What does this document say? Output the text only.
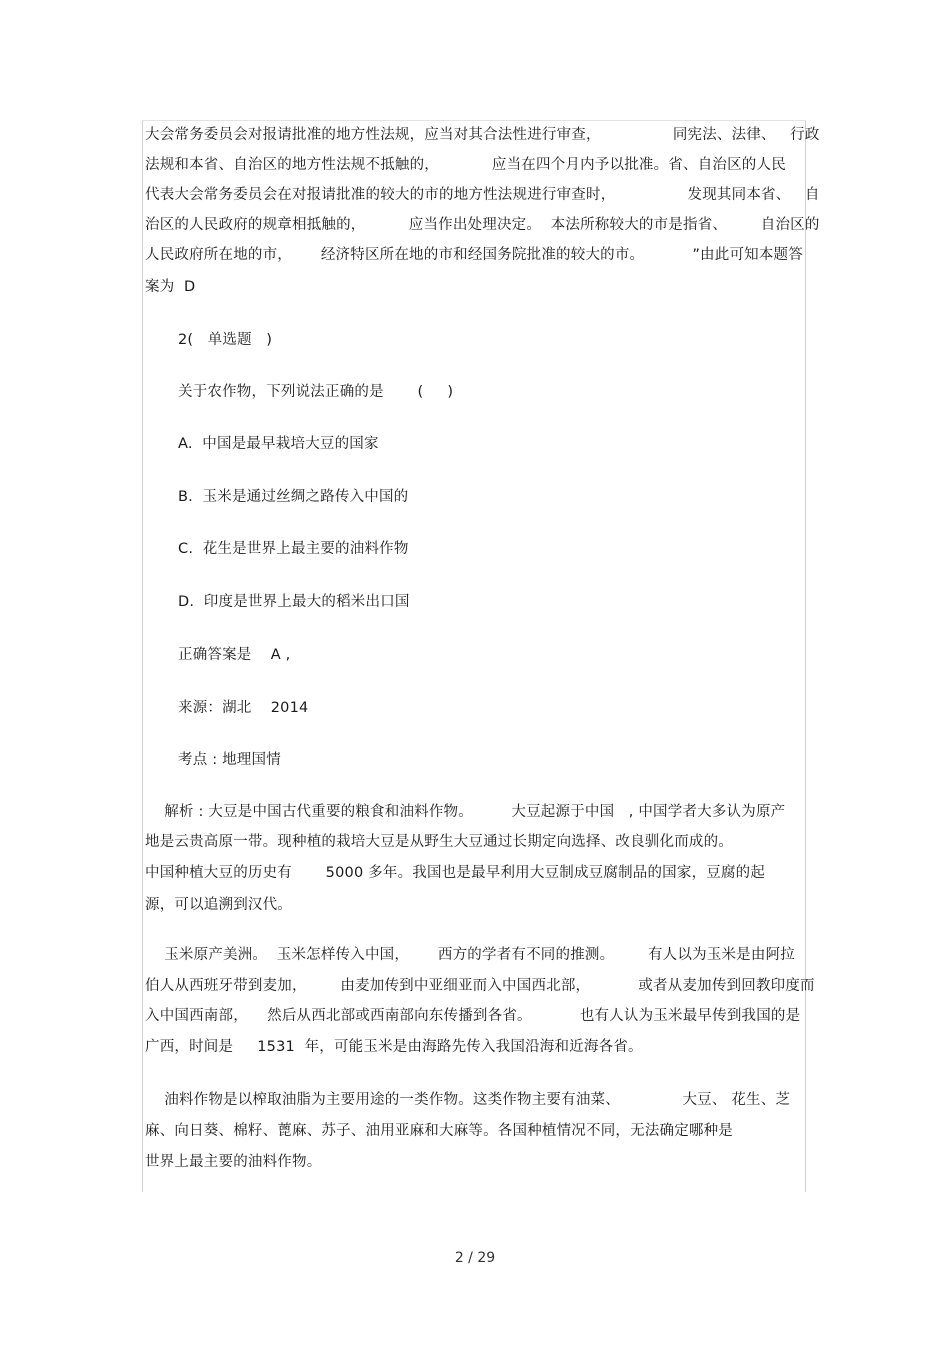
大会常务委员会对报请批准的地方性法规，应当对其合法性进行审查，               同宪法、法律、   行政
法规和本省、自治区的地方性法规不抵触的，           应当在四个月内予以批准。省、自治区的人民
代表大会常务委员会在对报请批准的较大的市的地方性法规进行审查时，               发现其同本省、   自
治区的人民政府的规章相抵触的，         应当作出处理决定。  本法所称较大的市是指省、       自治区的
人民政府所在地的市，      经济特区所在地的市和经国务院批准的较大的市。          ”由此可知本题答
案为  D
2(   单选题   )
关于农作物，下列说法正确的是       (     )
A.  中国是最早栽培大豆的国家
B.  玉米是通过丝绸之路传入中国的
C.  花生是世界上最主要的油料作物
D.  印度是世界上最大的稻米出口国
正确答案是    A ,
来源：湖北    2014
考点 : 地理国情
解析 : 大豆是中国古代重要的粮食和油料作物。        大豆起源于中国   , 中国学者大多认为原产
地是云贵高原一带。现种植的栽培大豆是从野生大豆通过长期定向选择、改良驯化而成的。
中国种植大豆的历史有       5000 多年。我国也是最早利用大豆制成豆腐制品的国家，豆腐的起
源，可以追溯到汉代。
玉米原产美洲。  玉米怎样传入中国，      西方的学者有不同的推测。       有人以为玉米是由阿拉
伯人从西班牙带到麦加，       由麦加传到中亚细亚而入中国西北部，          或者从麦加传到回教印度而
入中国西南部，    然后从西北部或西南部向东传播到各省。          也有人认为玉米最早传到我国的是
广西，时间是     1531  年，可能玉米是由海路先传入我国沿海和近海各省。
油料作物是以榨取油脂为主要用途的一类作物。这类作物主要有油菜、             大豆、 花生、芝
麻、向日葵、棉籽、蓖麻、苏子、油用亚麻和大麻等。各国种植情况不同，无法确定哪种是
世界上最主要的油料作物。
2 / 29
